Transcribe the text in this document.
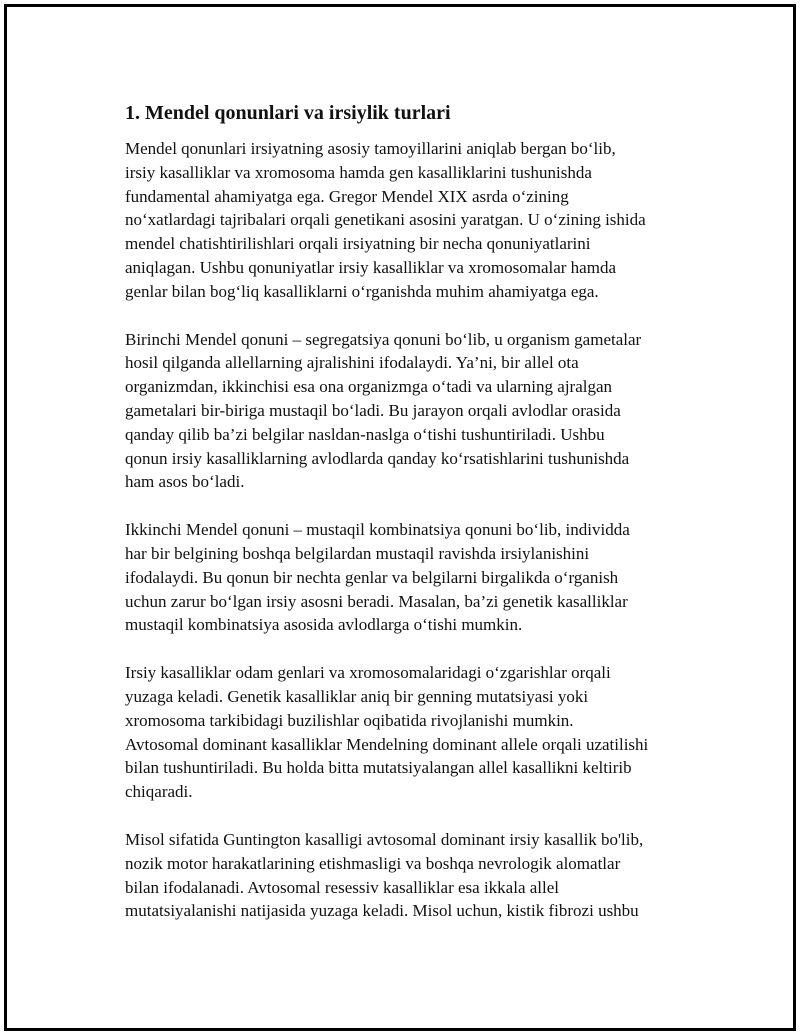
1. Mendel qonunlari va irsiylik turlari

Mendel qonunlari irsiyatning asosiy tamoyillarini aniqlab bergan bo‘lib,
irsiy kasalliklar va xromosoma hamda gen kasalliklarini tushunishda
fundamental ahamiyatga ega. Gregor Mendel XIX asrda o‘zining
no‘xatlardagi tajribalari orqali genetikani asosini yaratgan. U o‘zining ishida
mendel chatishtirilishlari orqali irsiyatning bir necha qonuniyatlarini
aniqlagan. Ushbu qonuniyatlar irsiy kasalliklar va xromosomalar hamda
genlar bilan bog‘liq kasalliklarni o‘rganishda muhim ahamiyatga ega.

Birinchi Mendel qonuni – segregatsiya qonuni bo‘lib, u organism gametalar
hosil qilganda allellarning ajralishini ifodalaydi. Ya’ni, bir allel ota
organizmdan, ikkinchisi esa ona organizmga o‘tadi va ularning ajralgan
gametalari bir-biriga mustaqil bo‘ladi. Bu jarayon orqali avlodlar orasida
qanday qilib ba’zi belgilar nasldan-naslga o‘tishi tushuntiriladi. Ushbu
qonun irsiy kasalliklarning avlodlarda qanday ko‘rsatishlarini tushunishda
ham asos bo‘ladi.

Ikkinchi Mendel qonuni – mustaqil kombinatsiya qonuni bo‘lib, individda
har bir belgining boshqa belgilardan mustaqil ravishda irsiylanishini
ifodalaydi. Bu qonun bir nechta genlar va belgilarni birgalikda o‘rganish
uchun zarur bo‘lgan irsiy asosni beradi. Masalan, ba’zi genetik kasalliklar
mustaqil kombinatsiya asosida avlodlarga o‘tishi mumkin.

Irsiy kasalliklar odam genlari va xromosomalaridagi o‘zgarishlar orqali
yuzaga keladi. Genetik kasalliklar aniq bir genning mutatsiyasi yoki
xromosoma tarkibidagi buzilishlar oqibatida rivojlanishi mumkin.
Avtosomal dominant kasalliklar Mendelning dominant allele orqali uzatilishi
bilan tushuntiriladi. Bu holda bitta mutatsiyalangan allel kasallikni keltirib
chiqaradi.

Misol sifatida Guntington kasalligi avtosomal dominant irsiy kasallik bo'lib,
nozik motor harakatlarining etishmasligi va boshqa nevrologik alomatlar
bilan ifodalanadi. Avtosomal resessiv kasalliklar esa ikkala allel
mutatsiyalanishi natijasida yuzaga keladi. Misol uchun, kistik fibrozi ushbu
